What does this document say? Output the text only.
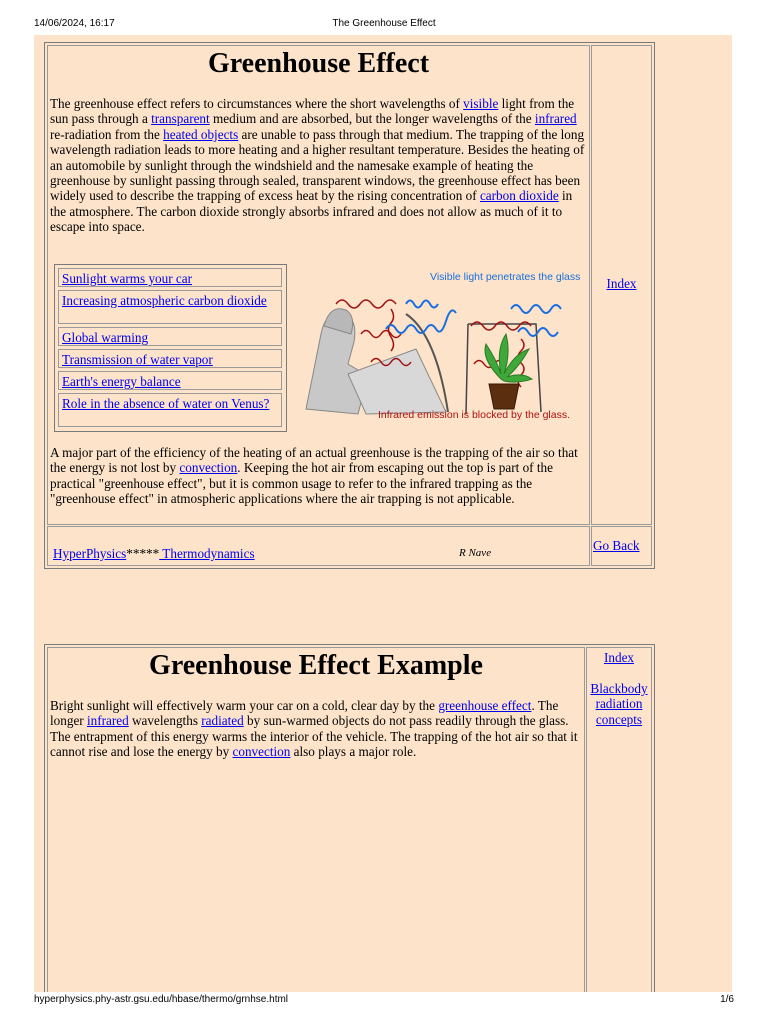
14/06/2024, 16:17	The Greenhouse Effect
Greenhouse Effect

The greenhouse effect refers to circumstances where the short wavelengths of visible light from the sun pass through a transparent medium and are absorbed, but the longer wavelengths of the infrared re-radiation from the heated objects are unable to pass through that medium. The trapping of the long wavelength radiation leads to more heating and a higher resultant temperature. Besides the heating of an automobile by sunlight through the windshield and the namesake example of heating the greenhouse by sunlight passing through sealed, transparent windows, the greenhouse effect has been widely used to describe the trapping of excess heat by the rising concentration of carbon dioxide in the atmosphere. The carbon dioxide strongly absorbs infrared and does not allow as much of it to escape into space.

Sunlight warms your car
Increasing atmospheric carbon dioxide
Global warming
Transmission of water vapor
Earth's energy balance
Role in the absence of water on Venus?
Visible light penetrates the glass
Infrared emission is blocked by the glass.

A major part of the efficiency of the heating of an actual greenhouse is the trapping of the air so that the energy is not lost by convection. Keeping the hot air from escaping out the top is part of the practical "greenhouse effect", but it is common usage to refer to the infrared trapping as the "greenhouse effect" in atmospheric applications where the air trapping is not applicable.

Index
HyperPhysics***** Thermodynamics	R Nave	Go Back
Greenhouse Effect Example

Bright sunlight will effectively warm your car on a cold, clear day by the greenhouse effect. The longer infrared wavelengths radiated by sun-warmed objects do not pass readily through the glass. The entrapment of this energy warms the interior of the vehicle. The trapping of the hot air so that it cannot rise and lose the energy by convection also plays a major role.

Index
Blackbody radiation concepts
hyperphysics.phy-astr.gsu.edu/hbase/thermo/grnhse.html	1/6
